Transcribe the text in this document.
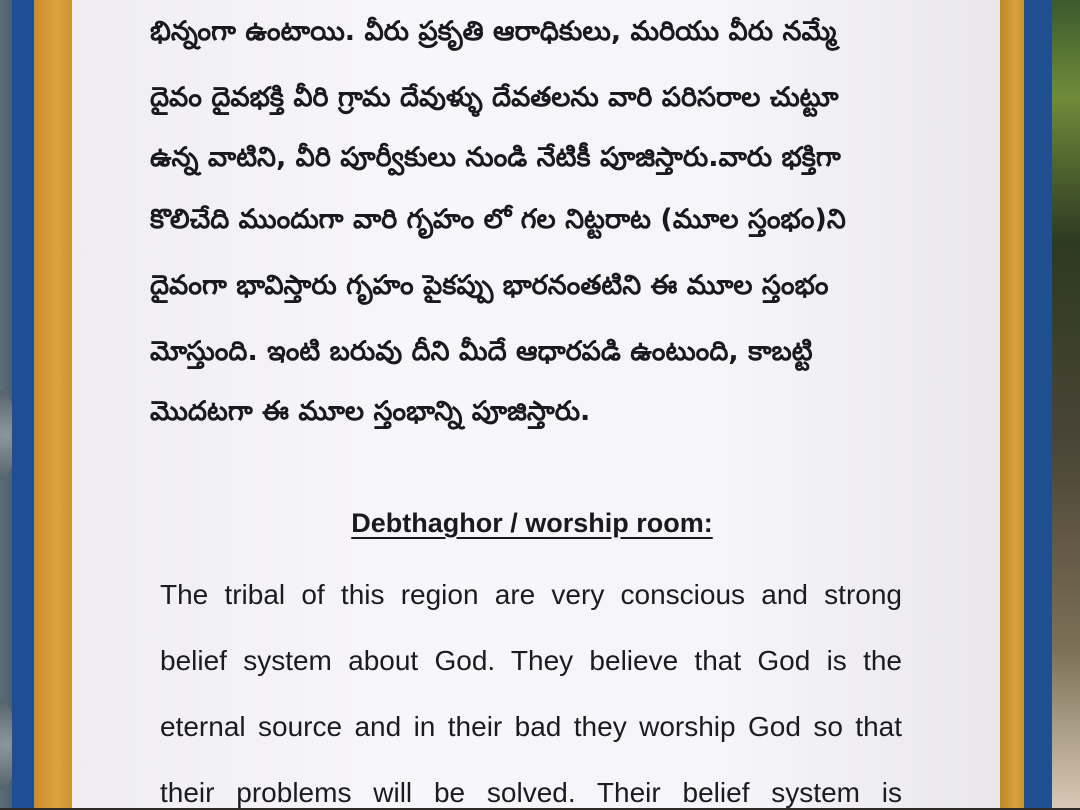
భిన్నంగా ఉంటాయి. వీరు ప్రకృతి ఆరాధికులు, మరియు వీరు నమ్మే
దైవం దైవభక్తి వీరి గ్రామ దేవుళ్ళు దేవతలను వారి పరిసరాల చుట్టూ
ఉన్న వాటిని, వీరి పూర్వీకులు నుండి నేటికీ పూజిస్తారు.వారు భక్తిగా
కొలిచేది ముందుగా వారి గృహం లో గల నిట్టరాట (మూల స్తంభం)ని
దైవంగా భావిస్తారు గృహం పైకప్పు భారనంతటిని ఈ మూల స్తంభం
మోస్తుంది. ఇంటి బరువు దీని మీదే ఆధారపడి ఉంటుంది, కాబట్టి
మొదటగా ఈ మూల స్తంభాన్ని పూజిస్తారు.
Debthaghor / worship room:
The tribal of this region are very conscious and strong
belief system about God. They believe that God is the
eternal source and in their bad they worship God so that
their problems will be solved. Their belief system is
